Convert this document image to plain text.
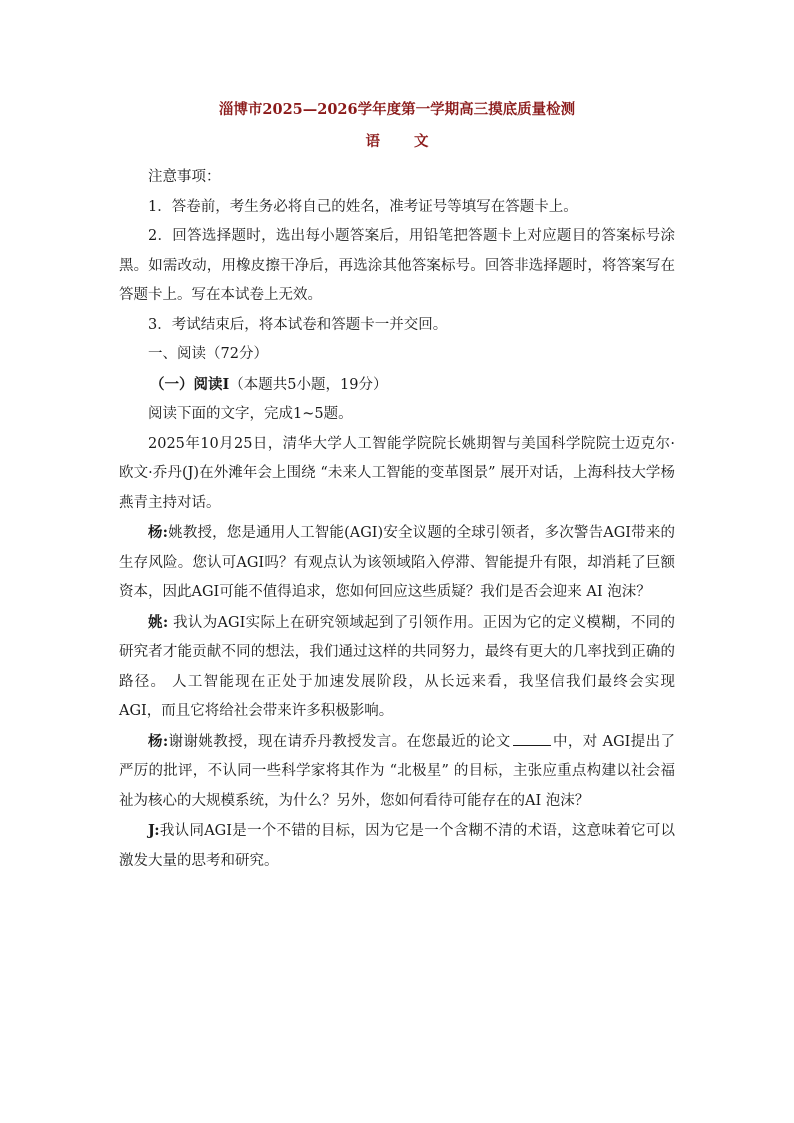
淄博市2025—2026学年度第一学期高三摸底质量检测
语 文

注意事项：

1．答卷前，考生务必将自己的姓名，准考证号等填写在答题卡上。

2．回答选择题时，选出每小题答案后，用铅笔把答题卡上对应题目的答案标号涂黑。如需改动，用橡皮擦干净后，再选涂其他答案标号。回答非选择题时，将答案写在答题卡上。写在本试卷上无效。

3．考试结束后，将本试卷和答题卡一并交回。

一、阅读（72分）

（一）阅读Ⅰ（本题共5小题，19分）

阅读下面的文字，完成1~5题。

2025年10月25日，清华大学人工智能学院院长姚期智与美国科学院院士迈克尔·欧文·乔丹(J)在外滩年会上围绕 “未来人工智能的变革图景” 展开对话，上海科技大学杨燕青主持对话。

杨:姚教授，您是通用人工智能(AGI)安全议题的全球引领者，多次警告AGI带来的生存风险。您认可AGI吗？有观点认为该领域陷入停滞、智能提升有限，却消耗了巨额资本，因此AGI可能不值得追求，您如何回应这些质疑？我们是否会迎来 AI 泡沫？

姚: 我认为AGI实际上在研究领域起到了引领作用。正因为它的定义模糊，不同的研究者才能贡献不同的想法，我们通过这样的共同努力，最终有更大的几率找到正确的路径。 人工智能现在正处于加速发展阶段，从长远来看，我坚信我们最终会实现 AGI，而且它将给社会带来许多积极影响。

杨:谢谢姚教授，现在请乔丹教授发言。在您最近的论文	中，对 AGI提出了严厉的批评，不认同一些科学家将其作为 “北极星” 的目标，主张应重点构建以社会福祉为核心的大规模系统，为什么？另外，您如何看待可能存在的AI 泡沫？

J:我认同AGI是一个不错的目标，因为它是一个含糊不清的术语，这意味着它可以激发大量的思考和研究。
